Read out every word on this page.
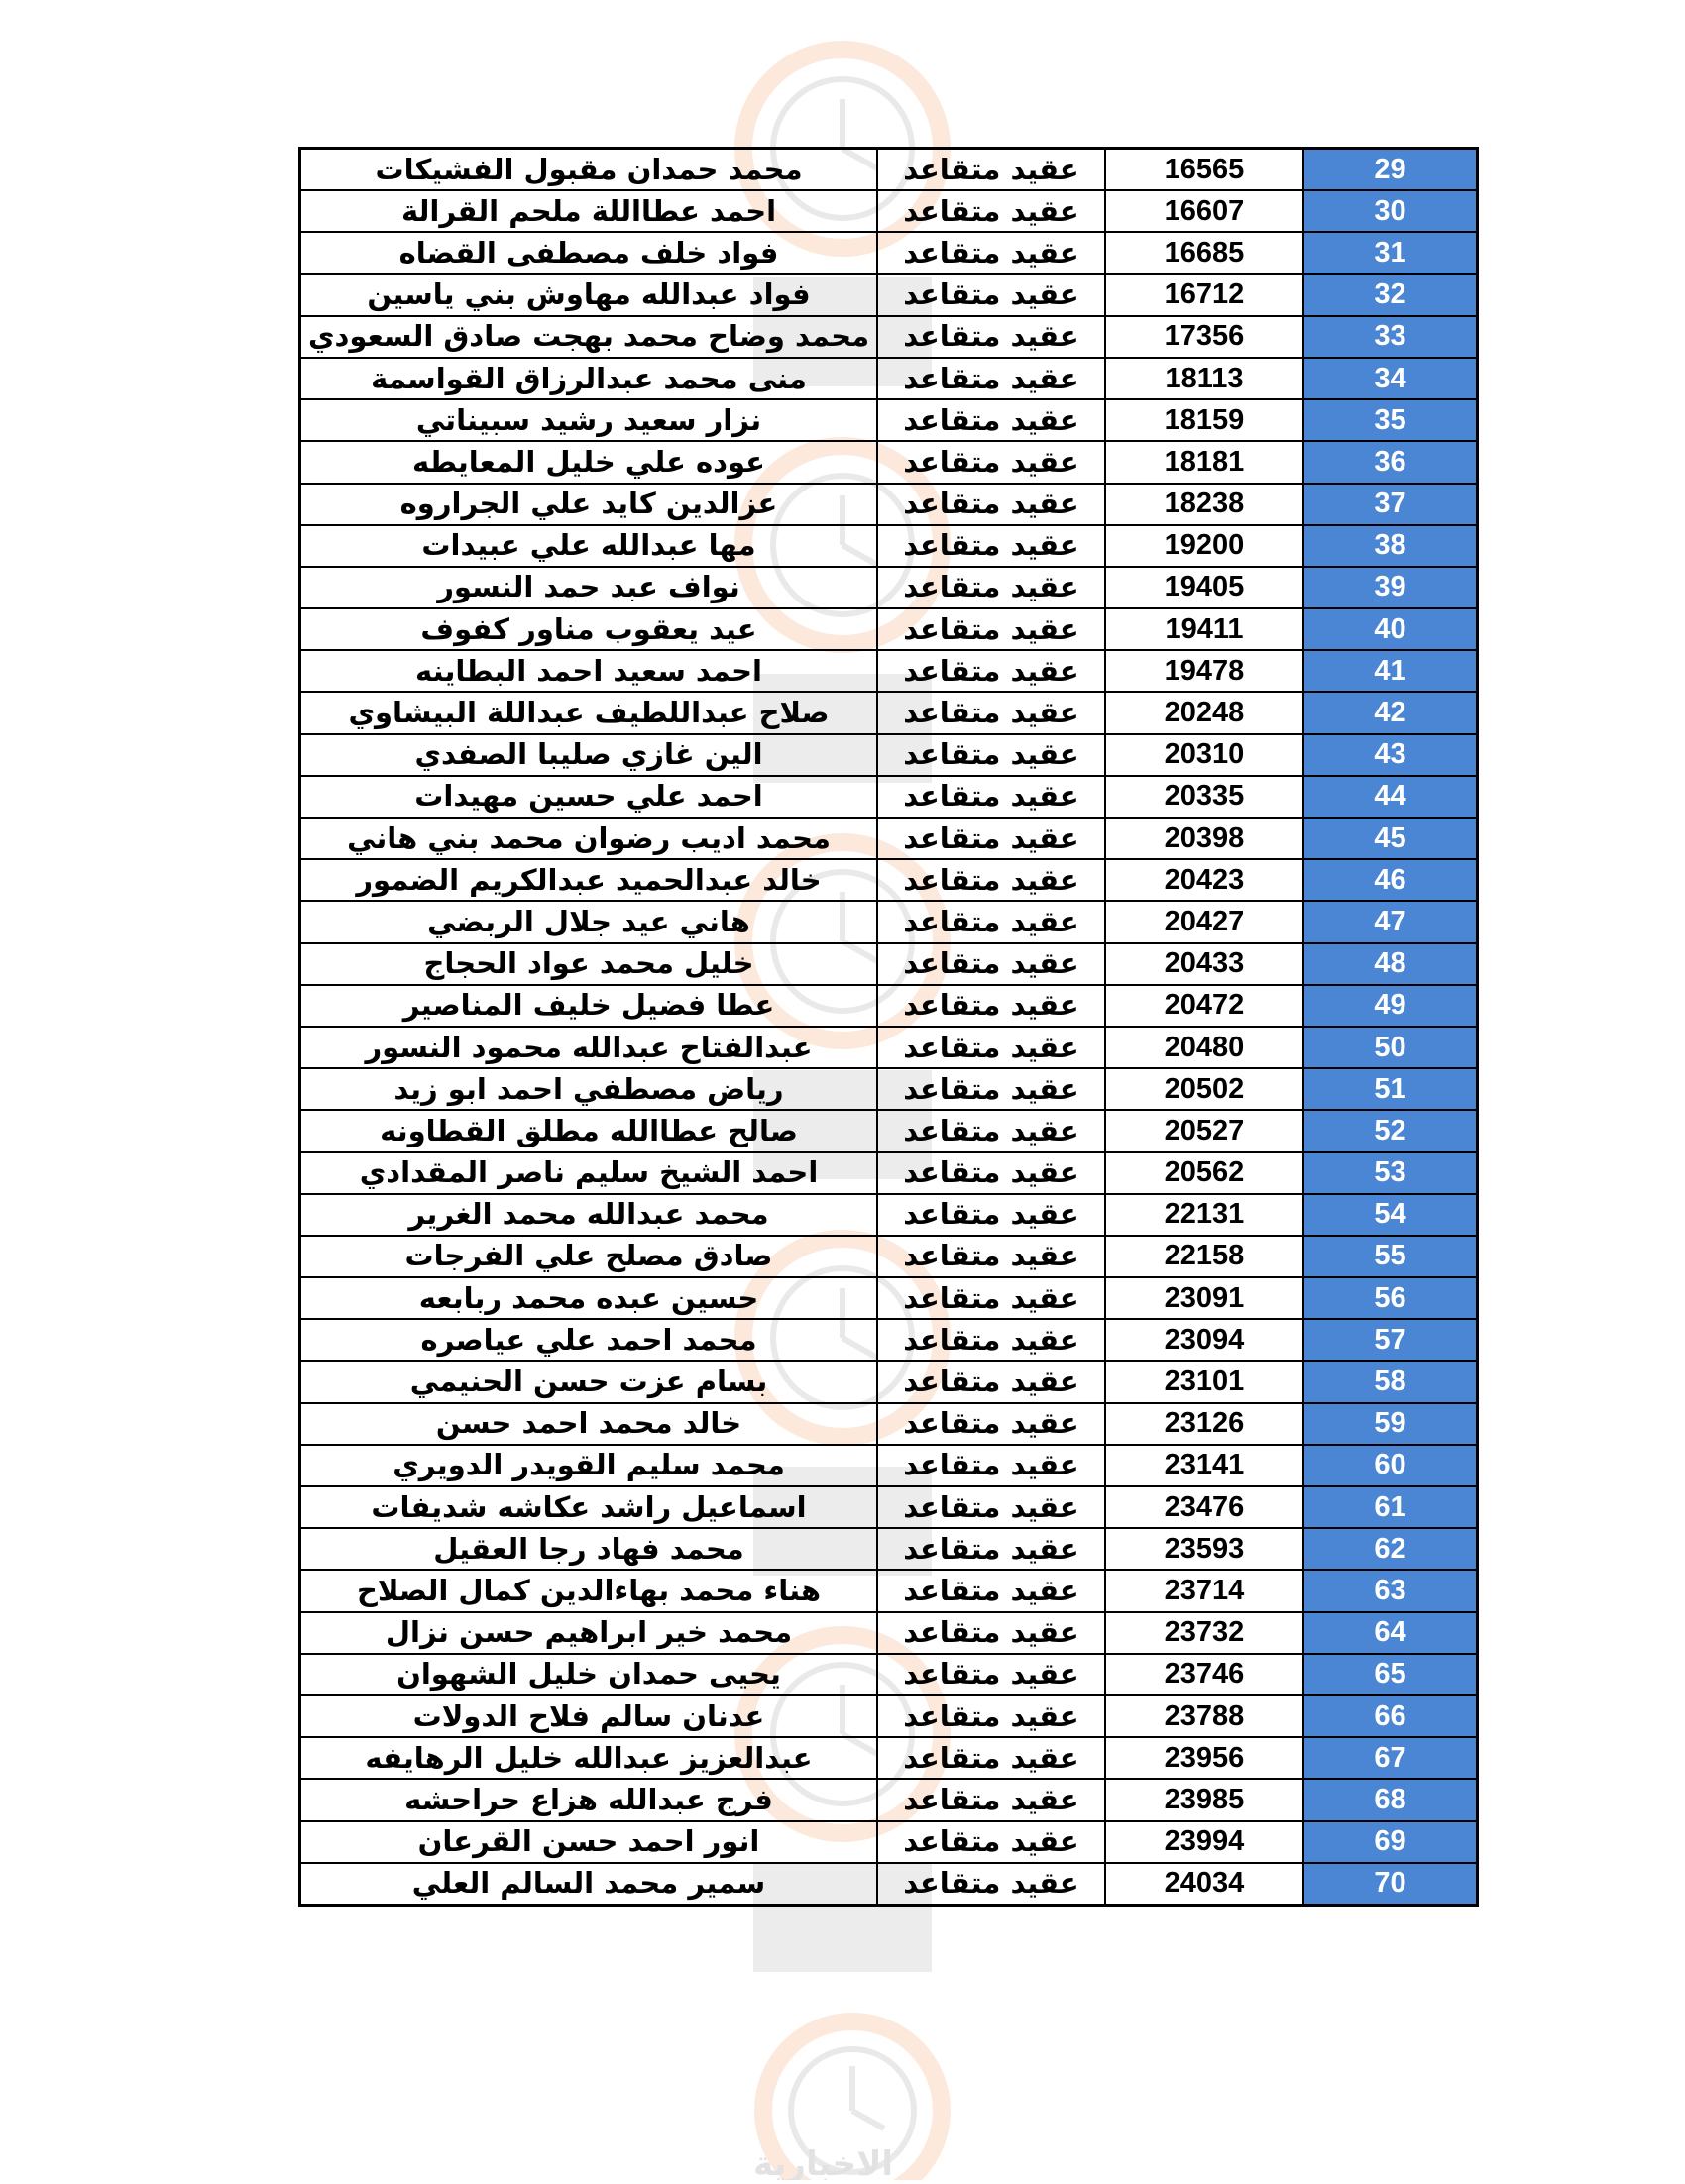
الاخبارية
محمد حمدان مقبول الفشيكات	عقيد متقاعد	16565	29
احمد عطااللة ملحم القرالة	عقيد متقاعد	16607	30
فواد خلف مصطفى القضاه	عقيد متقاعد	16685	31
فواد عبدالله مهاوش بني ياسين	عقيد متقاعد	16712	32
محمد وضاح محمد بهجت صادق السعودي	عقيد متقاعد	17356	33
منى محمد عبدالرزاق القواسمة	عقيد متقاعد	18113	34
نزار سعيد رشيد سبيناتي	عقيد متقاعد	18159	35
عوده علي خليل المعايطه	عقيد متقاعد	18181	36
عزالدين كايد علي الجراروه	عقيد متقاعد	18238	37
مها عبدالله علي عبيدات	عقيد متقاعد	19200	38
نواف عبد حمد النسور	عقيد متقاعد	19405	39
عيد يعقوب مناور كفوف	عقيد متقاعد	19411	40
احمد سعيد احمد البطاينه	عقيد متقاعد	19478	41
صلاح عبداللطيف عبداللة البيشاوي	عقيد متقاعد	20248	42
الين غازي صليبا الصفدي	عقيد متقاعد	20310	43
احمد علي حسين مهيدات	عقيد متقاعد	20335	44
محمد اديب رضوان محمد بني هاني	عقيد متقاعد	20398	45
خالد عبدالحميد عبدالكريم الضمور	عقيد متقاعد	20423	46
هاني عيد جلال الربضي	عقيد متقاعد	20427	47
خليل محمد عواد الحجاج	عقيد متقاعد	20433	48
عطا فضيل خليف المناصير	عقيد متقاعد	20472	49
عبدالفتاح عبدالله محمود النسور	عقيد متقاعد	20480	50
رياض مصطفي احمد ابو زيد	عقيد متقاعد	20502	51
صالح عطاالله مطلق القطاونه	عقيد متقاعد	20527	52
احمد الشيخ سليم ناصر المقدادي	عقيد متقاعد	20562	53
محمد عبدالله محمد الغرير	عقيد متقاعد	22131	54
صادق مصلح علي الفرجات	عقيد متقاعد	22158	55
حسين عبده محمد ربابعه	عقيد متقاعد	23091	56
محمد احمد علي عياصره	عقيد متقاعد	23094	57
بسام عزت حسن الحنيمي	عقيد متقاعد	23101	58
خالد محمد احمد حسن	عقيد متقاعد	23126	59
محمد سليم القويدر الدويري	عقيد متقاعد	23141	60
اسماعيل راشد عكاشه شديفات	عقيد متقاعد	23476	61
محمد فهاد رجا العقيل	عقيد متقاعد	23593	62
هناء محمد بهاءالدين كمال الصلاح	عقيد متقاعد	23714	63
محمد خير ابراهيم حسن نزال	عقيد متقاعد	23732	64
يحيى حمدان خليل الشهوان	عقيد متقاعد	23746	65
عدنان سالم فلاح الدولات	عقيد متقاعد	23788	66
عبدالعزيز عبدالله خليل الرهايفه	عقيد متقاعد	23956	67
فرج عبدالله هزاع حراحشه	عقيد متقاعد	23985	68
انور احمد حسن القرعان	عقيد متقاعد	23994	69
سمير محمد السالم العلي	عقيد متقاعد	24034	70
